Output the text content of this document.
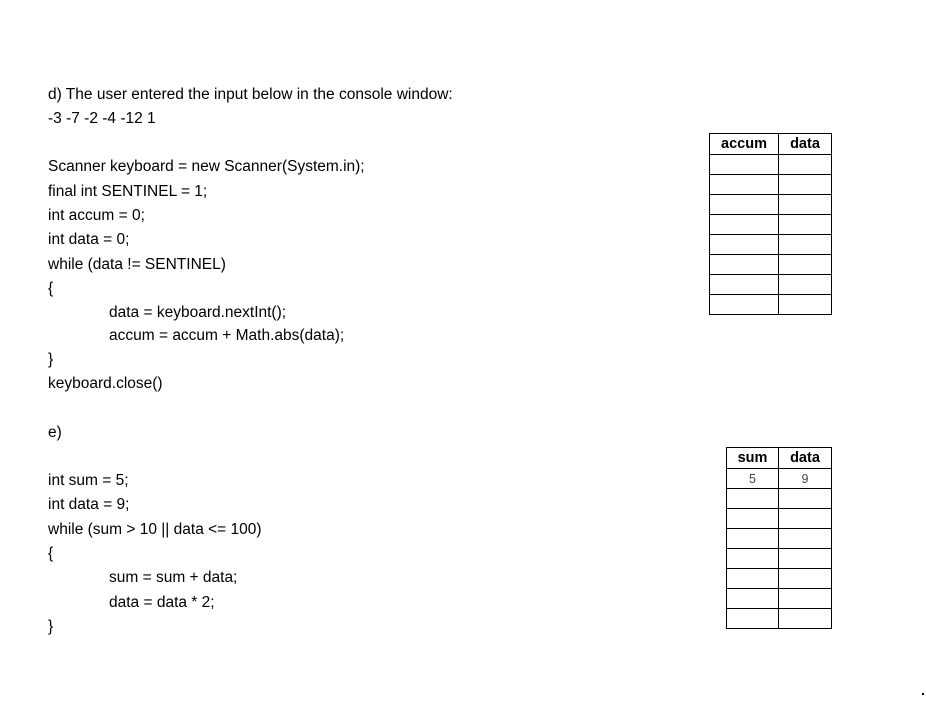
d) The user entered the input below in the console window:
-3 -7 -2 -4 -12 1
Scanner keyboard = new Scanner(System.in);
final int SENTINEL = 1;
int accum = 0;
int data = 0;
while (data != SENTINEL)
{
data = keyboard.nextInt();
accum = accum + Math.abs(data);
}
keyboard.close()
accum	data

e)
int sum = 5;
int data = 9;
while (sum > 10 || data <= 100)
{
sum = sum + data;
data = data * 2;
}
sum	data
5	9
